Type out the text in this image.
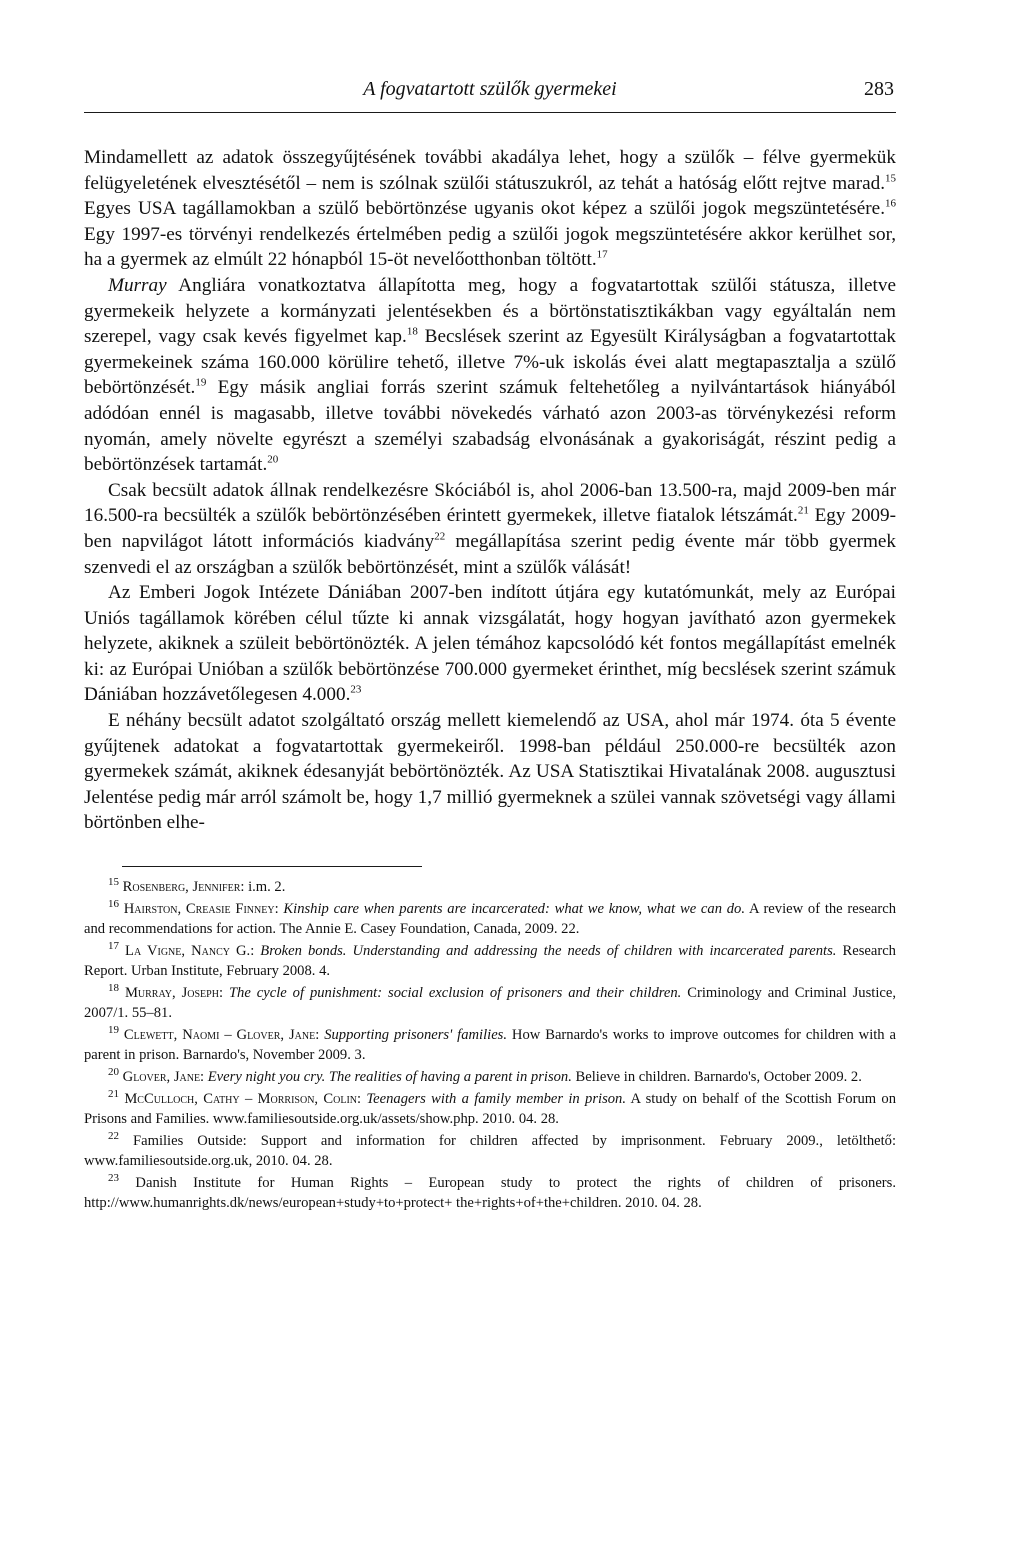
A fogvatartott szülők gyermekei	283

Mindamellett az adatok összegyűjtésének további akadálya lehet, hogy a szülők – félve gyermekük felügyeletének elvesztésétől – nem is szólnak szülői státuszukról, az tehát a hatóság előtt rejtve marad.$^{15}$ Egyes USA tagállamokban a szülő bebörtönzése ugyanis okot képez a szülői jogok megszüntetésére.$^{16}$ Egy 1997-es törvényi rendelkezés értelmében pedig a szülői jogok megszüntetésére akkor kerülhet sor, ha a gyermek az elmúlt 22 hónapból 15-öt nevelőotthonban töltött.$^{17}$

Murray Angliára vonatkoztatva állapította meg, hogy a fogvatartottak szülői státusza, illetve gyermekeik helyzete a kormányzati jelentésekben és a börtönstatisztikákban vagy egyáltalán nem szerepel, vagy csak kevés figyelmet kap.$^{18}$ Becslések szerint az Egyesült Királyságban a fogvatartottak gyermekeinek száma 160.000 körülire tehető, illetve 7%-uk iskolás évei alatt megtapasztalja a szülő bebörtönzését.$^{19}$ Egy másik angliai forrás szerint számuk feltehetőleg a nyilvántartások hiányából adódóan ennél is magasabb, illetve további növekedés várható azon 2003-as törvénykezési reform nyomán, amely növelte egyrészt a személyi szabadság elvonásának a gyakoriságát, részint pedig a bebörtönzések tartamát.$^{20}$

Csak becsült adatok állnak rendelkezésre Skóciából is, ahol 2006-ban 13.500-ra, majd 2009-ben már 16.500-ra becsülték a szülők bebörtönzésében érintett gyermekek, illetve fiatalok létszámát.$^{21}$ Egy 2009-ben napvilágot látott információs kiadvány$^{22}$ megállapítása szerint pedig évente már több gyermek szenvedi el az országban a szülők bebörtönzését, mint a szülők válását!

Az Emberi Jogok Intézete Dániában 2007-ben indított útjára egy kutatómunkát, mely az Európai Uniós tagállamok körében célul tűzte ki annak vizsgálatát, hogy hogyan javítható azon gyermekek helyzete, akiknek a szüleit bebörtönözték. A jelen témához kapcsolódó két fontos megállapítást emelnék ki: az Európai Unióban a szülők bebörtönzése 700.000 gyermeket érinthet, míg becslések szerint számuk Dániában hozzávetőlegesen 4.000.23

E néhány becsült adatot szolgáltató ország mellett kiemelendő az USA, ahol már 1974. óta 5 évente gyűjtenek adatokat a fogvatartottak gyermekeiről. 1998-ban például 250.000-re becsülték azon gyermekek számát, akiknek édesanyját bebörtönözték. Az USA Statisztikai Hivatalának 2008. augusztusi Jelentése pedig már arról számolt be, hogy 1,7 millió gyermeknek a szülei vannak szövetségi vagy állami börtönben elhe-

$^{15}$ Rosenberg, Jennifer: i.m. 2.

$^{16}$ Hairston, Creasie Finney: Kinship care when parents are incarcerated: what we know, what we can do. A review of the research and recommendations for action. The Annie E. Casey Foundation, Canada, 2009. 22.

$^{17}$ La Vigne, Nancy G.: Broken bonds. Understanding and addressing the needs of children with incarcerated parents. Research Report. Urban Institute, February 2008. 4.

$^{18}$ Murray, Joseph: The cycle of punishment: social exclusion of prisoners and their children. Criminology and Criminal Justice, 2007/1. 55–81.

$^{19}$ Clewett, Naomi – Glover, Jane: Supporting prisoners' families. How Barnardo's works to improve outcomes for children with a parent in prison. Barnardo's, November 2009. 3.

$^{20}$ Glover, Jane: Every night you cry. The realities of having a parent in prison. Believe in children. Barnardo's, October 2009. 2.

$^{21}$ McCulloch, Cathy – Morrison, Colin: Teenagers with a family member in prison. A study on behalf of the Scottish Forum on Prisons and Families. www.familiesoutside.org.uk/assets/show.php. 2010. 04. 28.

$^{22}$ Families Outside: Support and information for children affected by imprisonment. February 2009., letölthető: www.familiesoutside.org.uk, 2010. 04. 28.

$^{23}$ Danish Institute for Human Rights – European study to protect the rights of children of prisoners. http://www.humanrights.dk/news/european+study+to+protect+ the+rights+of+the+children. 2010. 04. 28.
